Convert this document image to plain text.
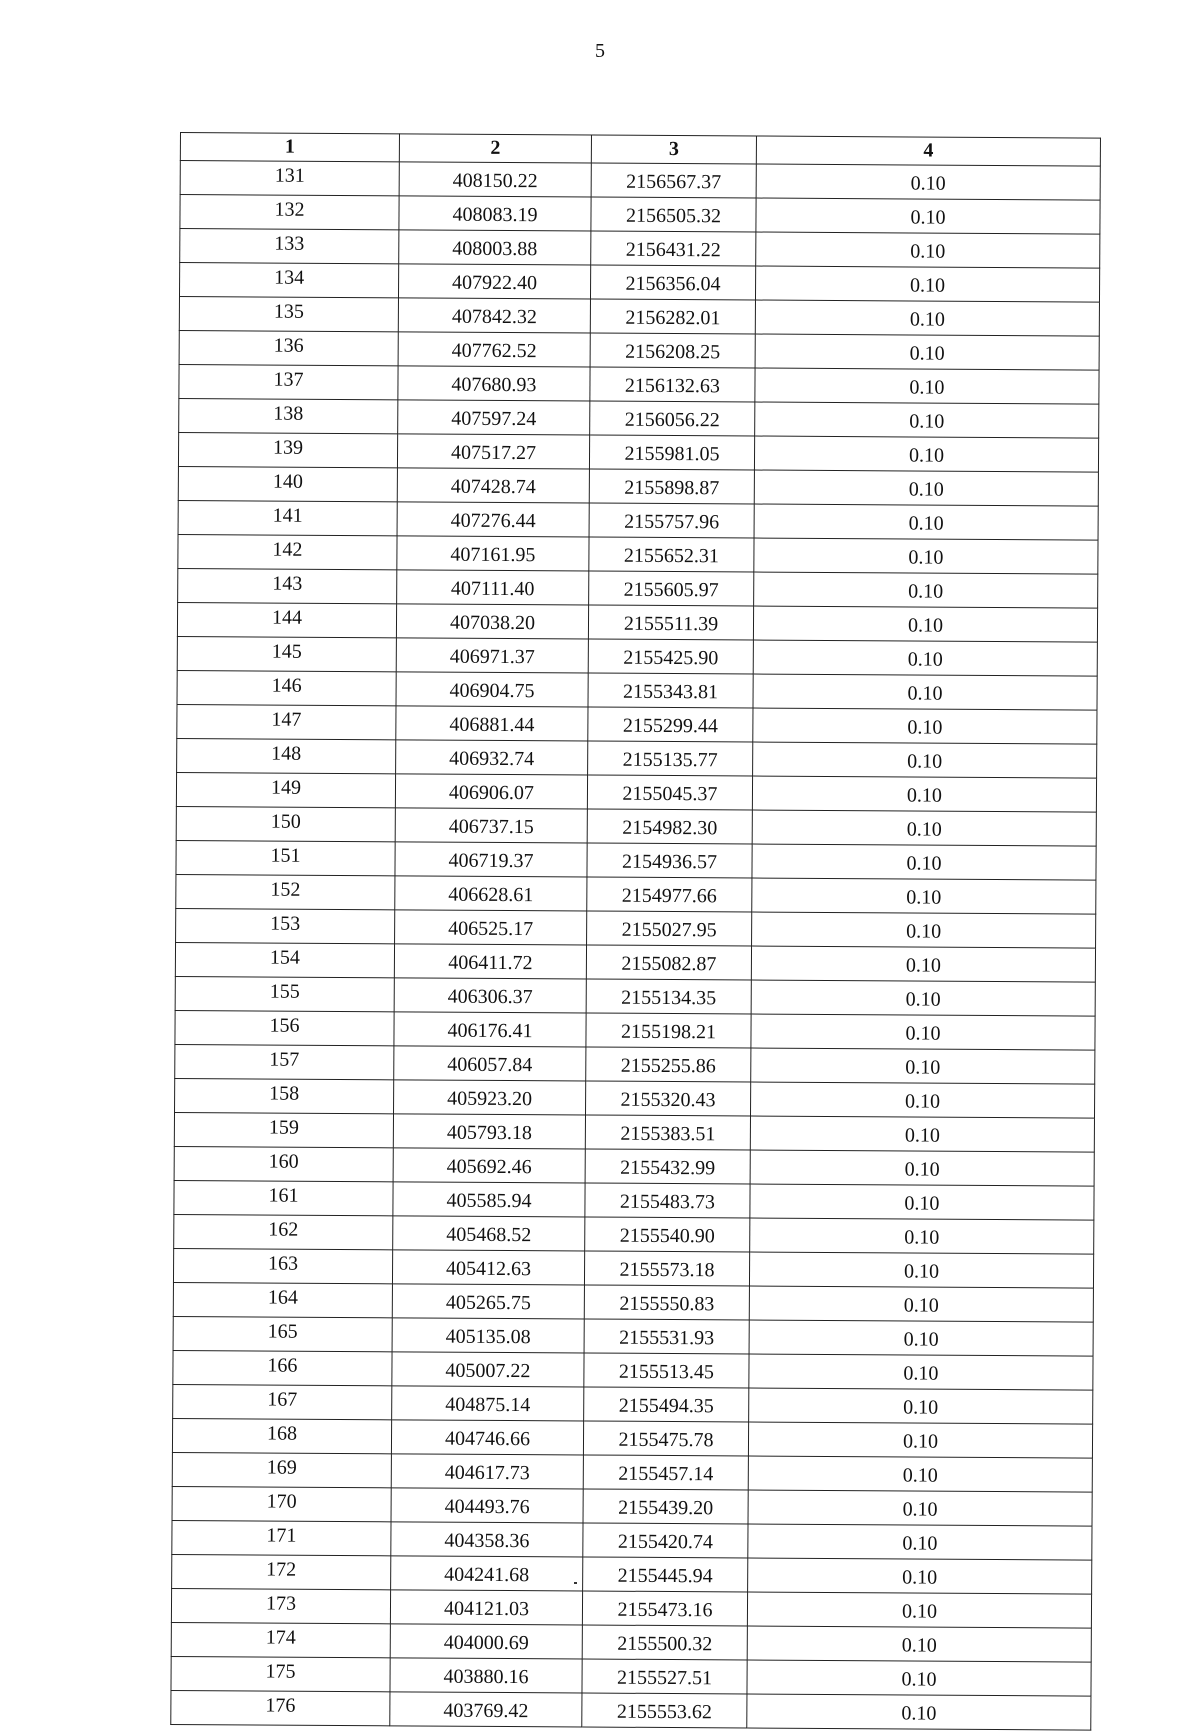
5
1	2	3	4
131	408150.22	2156567.37	0.10
132	408083.19	2156505.32	0.10
133	408003.88	2156431.22	0.10
134	407922.40	2156356.04	0.10
135	407842.32	2156282.01	0.10
136	407762.52	2156208.25	0.10
137	407680.93	2156132.63	0.10
138	407597.24	2156056.22	0.10
139	407517.27	2155981.05	0.10
140	407428.74	2155898.87	0.10
141	407276.44	2155757.96	0.10
142	407161.95	2155652.31	0.10
143	407111.40	2155605.97	0.10
144	407038.20	2155511.39	0.10
145	406971.37	2155425.90	0.10
146	406904.75	2155343.81	0.10
147	406881.44	2155299.44	0.10
148	406932.74	2155135.77	0.10
149	406906.07	2155045.37	0.10
150	406737.15	2154982.30	0.10
151	406719.37	2154936.57	0.10
152	406628.61	2154977.66	0.10
153	406525.17	2155027.95	0.10
154	406411.72	2155082.87	0.10
155	406306.37	2155134.35	0.10
156	406176.41	2155198.21	0.10
157	406057.84	2155255.86	0.10
158	405923.20	2155320.43	0.10
159	405793.18	2155383.51	0.10
160	405692.46	2155432.99	0.10
161	405585.94	2155483.73	0.10
162	405468.52	2155540.90	0.10
163	405412.63	2155573.18	0.10
164	405265.75	2155550.83	0.10
165	405135.08	2155531.93	0.10
166	405007.22	2155513.45	0.10
167	404875.14	2155494.35	0.10
168	404746.66	2155475.78	0.10
169	404617.73	2155457.14	0.10
170	404493.76	2155439.20	0.10
171	404358.36	2155420.74	0.10
172	404241.68	2155445.94	0.10
173	404121.03	2155473.16	0.10
174	404000.69	2155500.32	0.10
175	403880.16	2155527.51	0.10
176	403769.42	2155553.62	0.10
